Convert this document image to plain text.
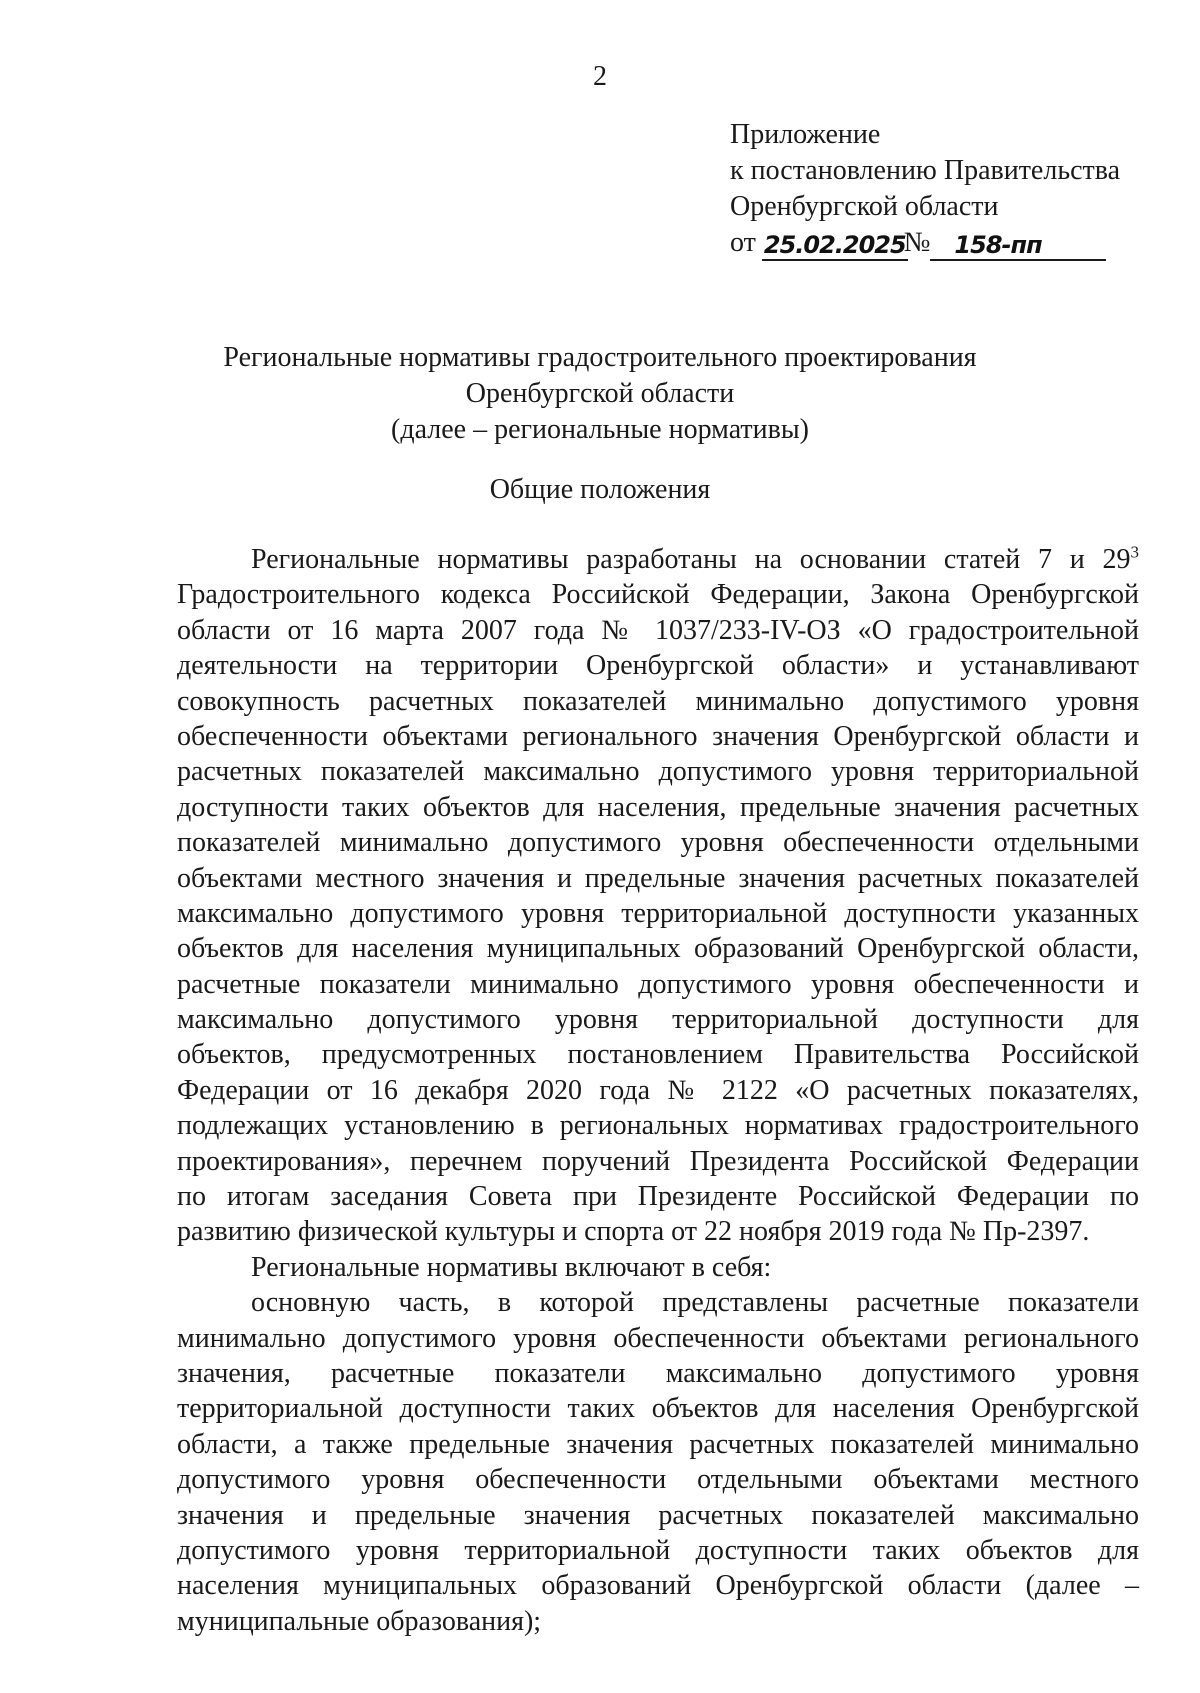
2
Приложение
к постановлению Правительства
Оренбургской области
от 25.02.2025
№	158-пп
Региональные нормативы градостроительного проектирования
Оренбургской области
(далее – региональные нормативы)
Общие положения
Региональные нормативы разработаны на основании статей 7 и $29^3$
Градостроительного кодекса Российской Федерации, Закона Оренбургской
области от 16 марта 2007 года № 1037/233-IV-ОЗ «О градостроительной
деятельности на территории Оренбургской области» и устанавливают
совокупность расчетных показателей минимально допустимого уровня
обеспеченности объектами регионального значения Оренбургской области и
расчетных показателей максимально допустимого уровня территориальной
доступности таких объектов для населения, предельные значения расчетных
показателей минимально допустимого уровня обеспеченности отдельными
объектами местного значения и предельные значения расчетных показателей
максимально допустимого уровня территориальной доступности указанных
объектов для населения муниципальных образований Оренбургской области,
расчетные показатели минимально допустимого уровня обеспеченности и
максимально допустимого уровня территориальной доступности для
объектов, предусмотренных постановлением Правительства Российской
Федерации от 16 декабря 2020 года № 2122 «О расчетных показателях,
подлежащих установлению в региональных нормативах градостроительного
проектирования», перечнем поручений Президента Российской Федерации
по итогам заседания Совета при Президенте Российской Федерации по
развитию физической культуры и спорта от 22 ноября 2019 года № Пр-2397.
Региональные нормативы включают в себя:
основную часть, в которой представлены расчетные показатели
минимально допустимого уровня обеспеченности объектами регионального
значения, расчетные показатели максимально допустимого уровня
территориальной доступности таких объектов для населения Оренбургской
области, а также предельные значения расчетных показателей минимально
допустимого уровня обеспеченности отдельными объектами местного
значения и предельные значения расчетных показателей максимально
допустимого уровня территориальной доступности таких объектов для
населения муниципальных образований Оренбургской области (далее –
муниципальные образования);
